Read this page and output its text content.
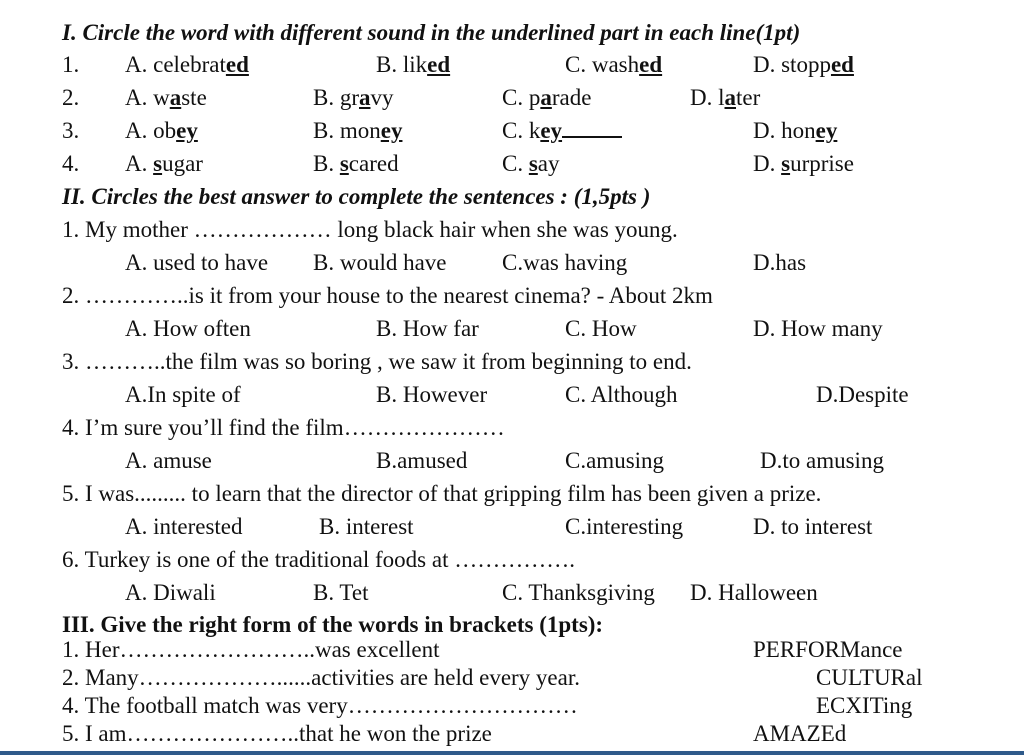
I. Circle the word with different sound in the underlined part in each line(1pt)
1. A. celebrated	B. liked	C. washed	D. stopped
2. A. waste	B. gravy	C. parade	D. later
3. A. obey	B. money	C. key	D. honey
4. A. sugar	B. scared	C. say	D. surprise
II. Circles the best answer to complete the sentences : (1,5pts )
1. My mother ……………… long black hair when she was young.
A. used to have B. would have C.was having	D.has
2. …………..is it from your house to the nearest cinema? - About 2km
A. How often	B. How far	C. How	D. How many
3. ………..the film was so boring , we saw it from beginning to end.
A.In spite of	B. However	C. Although	D.Despite
4. I’m sure you’ll find the film…………………
A. amuse	B.amused	C.amusing	D.to amusing
5. I was......... to learn that the director of that gripping film has been given a prize.
A. interested	B. interest	C.interesting	D. to interest
6. Turkey is one of the traditional foods at …………….
A. Diwali	B. Tet	C. Thanksgiving D. Halloween
III. Give the right form of the words in brackets (1pts):
1. Her……………………..was excellent	PERFORMance
2. Many………………......activities are held every year.	CULTURal
4. The football match was very…………………………	ECXITing
5. I am…………………..that he won the prize	AMAZEd
